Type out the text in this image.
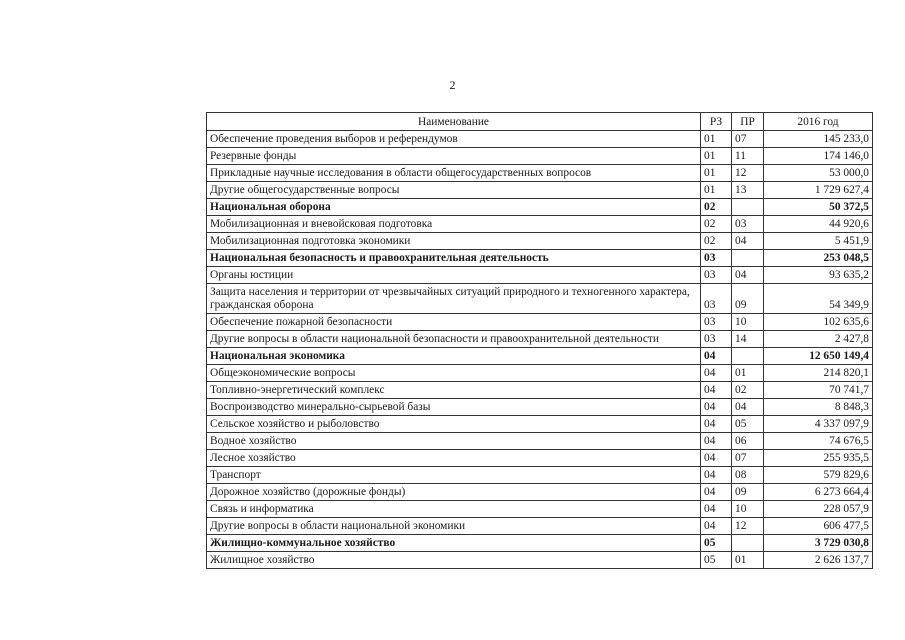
2
Наименование	РЗ	ПР	2016 год
Обеспечение проведения выборов и референдумов	01	07	145 233,0
Резервные фонды	01	11	174 146,0
Прикладные научные исследования в области общегосударственных вопросов	01	12	53 000,0
Другие общегосударственные вопросы	01	13	1 729 627,4
Национальная оборона	02		50 372,5
Мобилизационная и вневойсковая подготовка	02	03	44 920,6
Мобилизационная подготовка экономики	02	04	5 451,9
Национальная безопасность и правоохранительная деятельность	03		253 048,5
Органы юстиции	03	04	93 635,2
Защита населения и территории от чрезвычайных ситуаций природного и техногенного характера, гражданская оборона	03	09	54 349,9
Обеспечение пожарной безопасности	03	10	102 635,6
Другие вопросы в области национальной безопасности и правоохранительной деятельности	03	14	2 427,8
Национальная экономика	04		12 650 149,4
Общеэкономические вопросы	04	01	214 820,1
Топливно-энергетический комплекс	04	02	70 741,7
Воспроизводство минерально-сырьевой базы	04	04	8 848,3
Сельское хозяйство и рыболовство	04	05	4 337 097,9
Водное хозяйство	04	06	74 676,5
Лесное хозяйство	04	07	255 935,5
Транспорт	04	08	579 829,6
Дорожное хозяйство (дорожные фонды)	04	09	6 273 664,4
Связь и информатика	04	10	228 057,9
Другие вопросы в области национальной экономики	04	12	606 477,5
Жилищно-коммунальное хозяйство	05		3 729 030,8
Жилищное хозяйство	05	01	2 626 137,7
